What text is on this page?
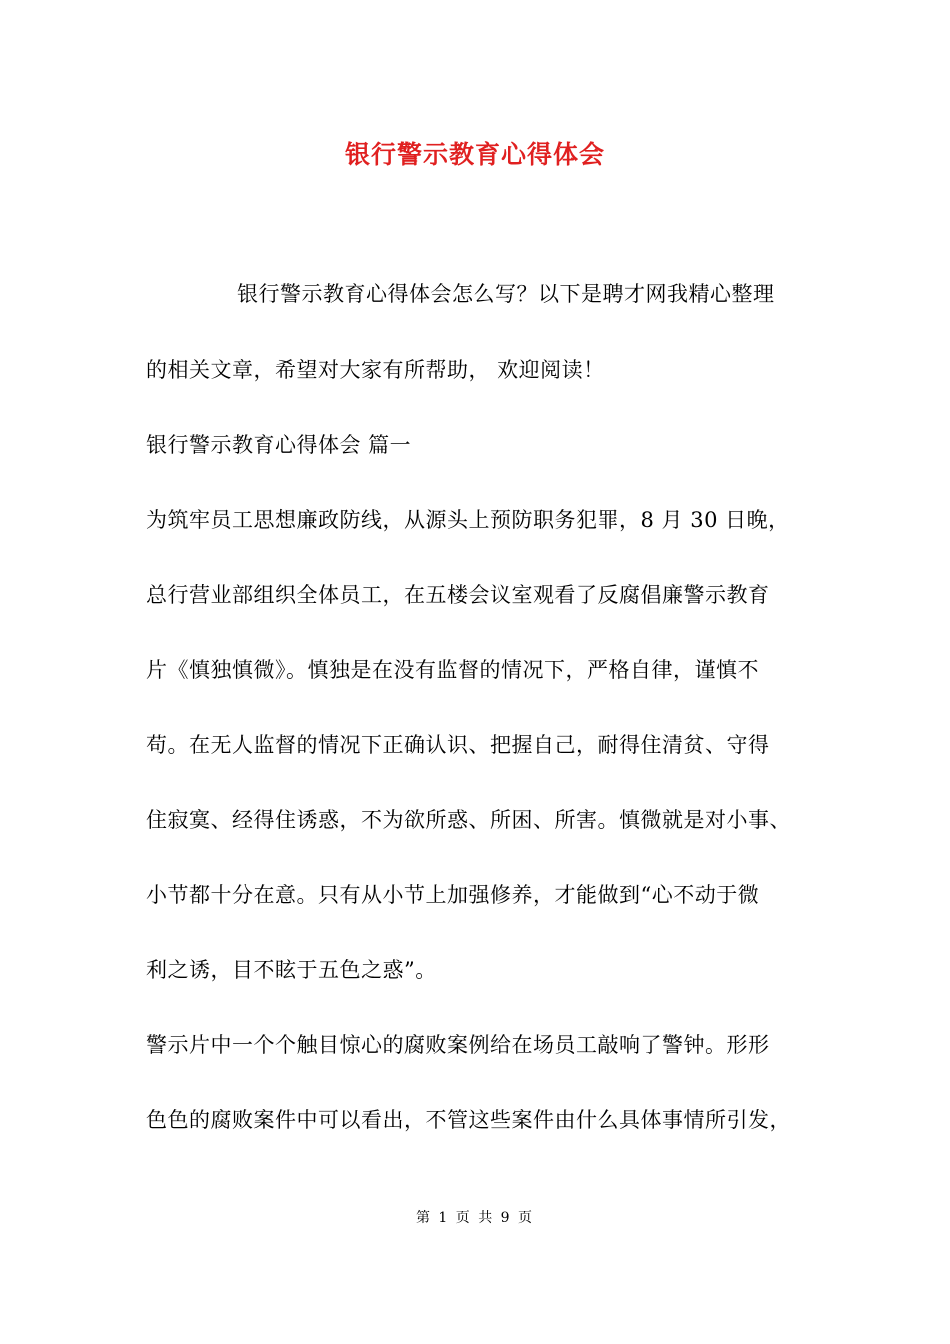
银行警示教育心得体会
银行警示教育心得体会怎么写？以下是聘才网我精心整理
的相关文章，希望对大家有所帮助， 欢迎阅读！
银行警示教育心得体会 篇一
为筑牢员工思想廉政防线，从源头上预防职务犯罪，8 月 30 日晚，
总行营业部组织全体员工，在五楼会议室观看了反腐倡廉警示教育
片《慎独慎微》。慎独是在没有监督的情况下，严格自律，谨慎不
苟。在无人监督的情况下正确认识、把握自己，耐得住清贫、守得
住寂寞、经得住诱惑，不为欲所惑、所困、所害。慎微就是对小事、
小节都十分在意。只有从小节上加强修养，才能做到“心不动于微
利之诱，目不眩于五色之惑”。
警示片中一个个触目惊心的腐败案例给在场员工敲响了警钟。形形
色色的腐败案件中可以看出，不管这些案件由什么具体事情所引发，
第 1 页 共 9 页
